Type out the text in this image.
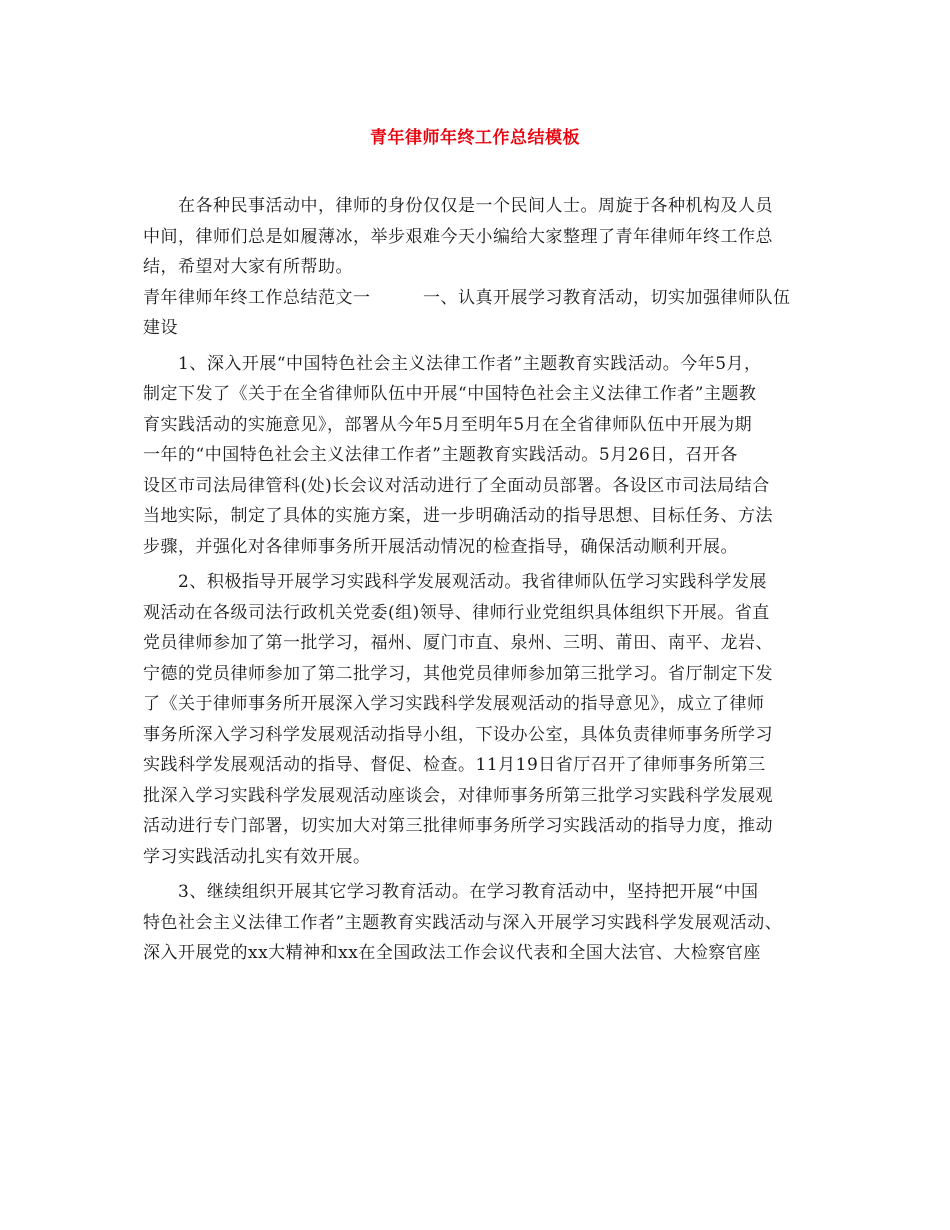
青年律师年终工作总结模板
　　在各种民事活动中，律师的身份仅仅是一个民间人士。周旋于各种机构及人员
中间，律师们总是如履薄冰，举步艰难今天小编给大家整理了青年律师年终工作总
结，希望对大家有所帮助。
青年律师年终工作总结范文一　　　一、认真开展学习教育活动，切实加强律师队伍
建设
　　1、深入开展“中国特色社会主义法律工作者”主题教育实践活动。今年5月，
制定下发了《关于在全省律师队伍中开展“中国特色社会主义法律工作者”主题教
育实践活动的实施意见》，部署从今年5月至明年5月在全省律师队伍中开展为期
一年的“中国特色社会主义法律工作者”主题教育实践活动。5月26日，召开各
设区市司法局律管科(处)长会议对活动进行了全面动员部署。各设区市司法局结合
当地实际，制定了具体的实施方案，进一步明确活动的指导思想、目标任务、方法
步骤，并强化对各律师事务所开展活动情况的检查指导，确保活动顺利开展。
　　2、积极指导开展学习实践科学发展观活动。我省律师队伍学习实践科学发展
观活动在各级司法行政机关党委(组)领导、律师行业党组织具体组织下开展。省直
党员律师参加了第一批学习，福州、厦门市直、泉州、三明、莆田、南平、龙岩、
宁德的党员律师参加了第二批学习，其他党员律师参加第三批学习。省厅制定下发
了《关于律师事务所开展深入学习实践科学发展观活动的指导意见》，成立了律师
事务所深入学习科学发展观活动指导小组，下设办公室，具体负责律师事务所学习
实践科学发展观活动的指导、督促、检查。11月19日省厅召开了律师事务所第三
批深入学习实践科学发展观活动座谈会，对律师事务所第三批学习实践科学发展观
活动进行专门部署，切实加大对第三批律师事务所学习实践活动的指导力度，推动
学习实践活动扎实有效开展。
　　3、继续组织开展其它学习教育活动。在学习教育活动中，坚持把开展“中国
特色社会主义法律工作者”主题教育实践活动与深入开展学习实践科学发展观活动、
深入开展党的xx大精神和xx在全国政法工作会议代表和全国大法官、大检察官座
